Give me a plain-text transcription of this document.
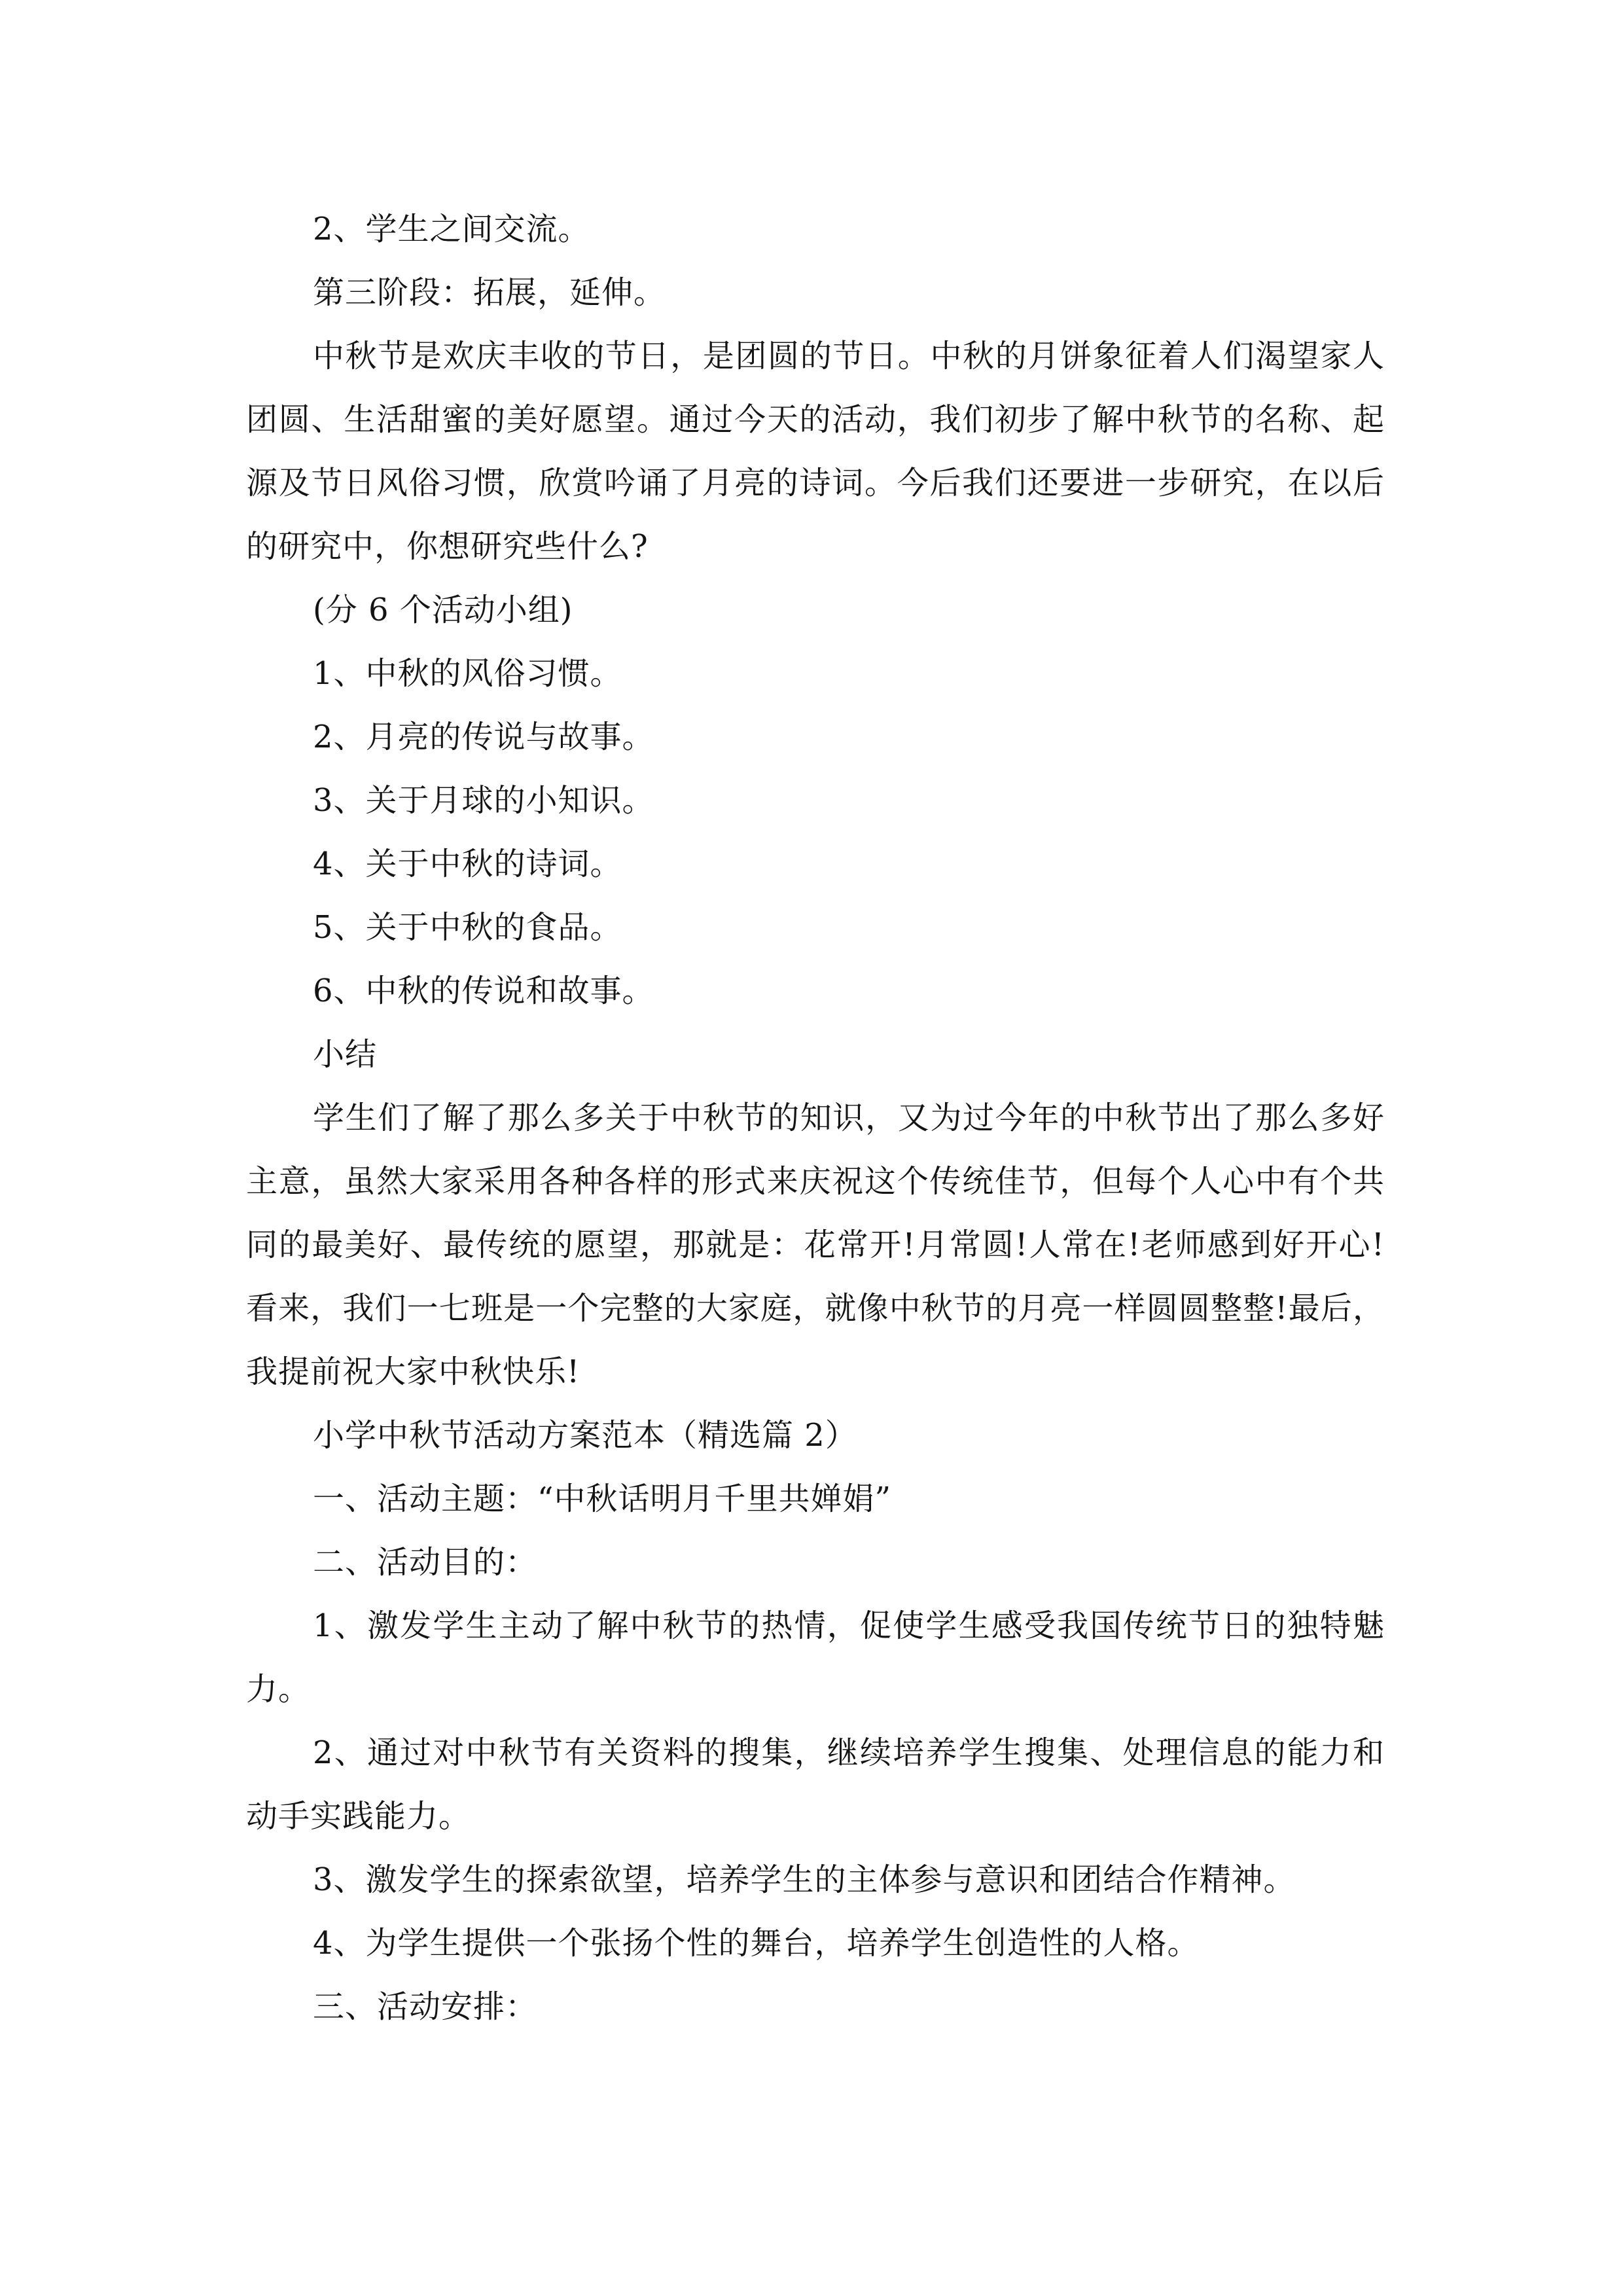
2、学生之间交流。

第三阶段：拓展，延伸。

中秋节是欢庆丰收的节日，是团圆的节日。中秋的月饼象征着人们渴望家人团圆、生活甜蜜的美好愿望。通过今天的活动，我们初步了解中秋节的名称、起源及节日风俗习惯，欣赏吟诵了月亮的诗词。今后我们还要进一步研究，在以后的研究中，你想研究些什么?

(分 6 个活动小组)

1、中秋的风俗习惯。

2、月亮的传说与故事。

3、关于月球的小知识。

4、关于中秋的诗词。

5、关于中秋的食品。

6、中秋的传说和故事。

小结

学生们了解了那么多关于中秋节的知识，又为过今年的中秋节出了那么多好主意，虽然大家采用各种各样的形式来庆祝这个传统佳节，但每个人心中有个共同的最美好、最传统的愿望，那就是：花常开!月常圆!人常在!老师感到好开心!看来，我们一七班是一个完整的大家庭，就像中秋节的月亮一样圆圆整整!最后，我提前祝大家中秋快乐!

小学中秋节活动方案范本（精选篇 2）

一、活动主题：“中秋话明月千里共婵娟”

二、活动目的：

1、激发学生主动了解中秋节的热情，促使学生感受我国传统节日的独特魅力。

2、通过对中秋节有关资料的搜集，继续培养学生搜集、处理信息的能力和动手实践能力。

3、激发学生的探索欲望，培养学生的主体参与意识和团结合作精神。

4、为学生提供一个张扬个性的舞台，培养学生创造性的人格。

三、活动安排：
